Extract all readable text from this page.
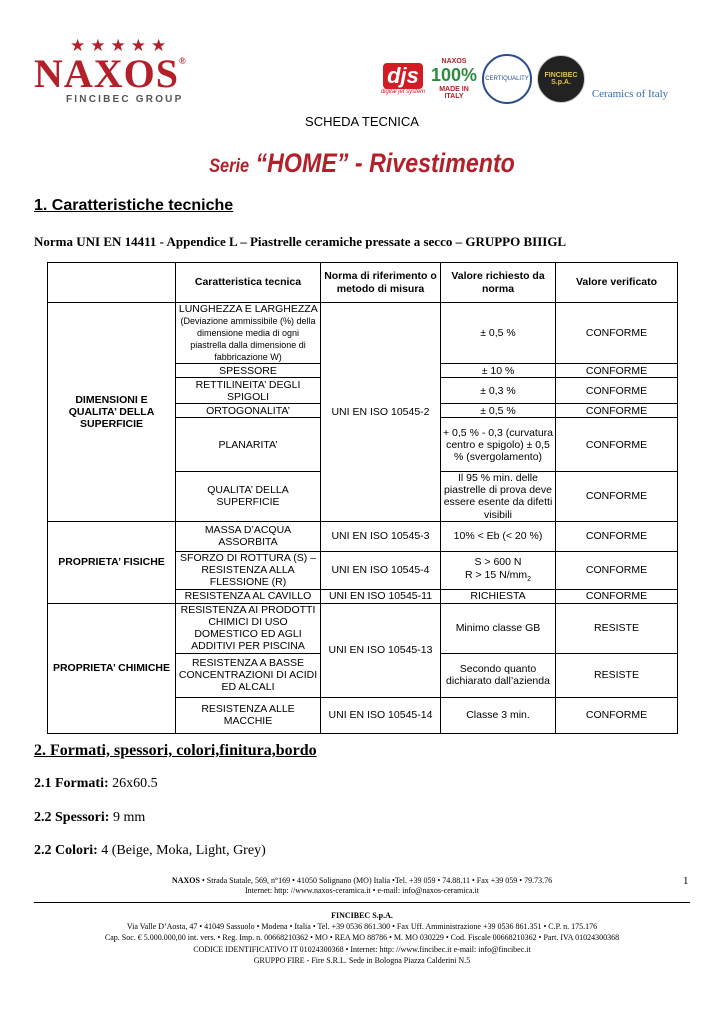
★★★★★
NAXOS®
FINCIBEC GROUP
djs
digital jet system
NAXOS
100%
MADE IN ITALY
CERTIQUALITY	FINCIBEC S.p.A.
Ceramics of Italy
SCHEDA TECNICA
Serie “HOME” - Rivestimento
1. Caratteristiche tecniche
Norma UNI EN 14411 - Appendice L – Piastrelle ceramiche pressate a secco – GRUPPO BIIIGL
	Caratteristica tecnica	Norma di riferimento o metodo di misura	Valore richiesto da norma	Valore verificato
DIMENSIONI E QUALITA’ DELLA SUPERFICIE	LUNGHEZZA E LARGHEZZA (Deviazione ammissibile (%) della dimensione media di ogni piastrella dalla dimensione di fabbricazione W)	UNI EN ISO 10545-2	± 0,5 %	CONFORME
	SPESSORE		± 10 %	CONFORME
	RETTILINEITA’ DEGLI SPIGOLI		± 0,3 %	CONFORME
	ORTOGONALITA’		± 0,5 %	CONFORME
	PLANARITA’		+ 0,5 % - 0,3 (curvatura centro e spigolo) ± 0,5 % (svergolamento)	CONFORME
	QUALITA’ DELLA SUPERFICIE		Il 95 % min. delle piastrelle di prova deve essere esente da difetti visibili	CONFORME
PROPRIETA’ FISICHE	MASSA D’ACQUA ASSORBITA	UNI EN ISO 10545-3	10% < Eb (< 20 %)	CONFORME
	SFORZO DI ROTTURA (S) – RESISTENZA ALLA FLESSIONE (R)	UNI EN ISO 10545-4	S > 600 N
R > 15 $N/mm_2$	CONFORME
	RESISTENZA AL CAVILLO	UNI EN ISO 10545-11	RICHIESTA	CONFORME
PROPRIETA’ CHIMICHE	RESISTENZA AI PRODOTTI CHIMICI DI USO DOMESTICO ED AGLI ADDITIVI PER PISCINA	UNI EN ISO 10545-13	Minimo classe GB	RESISTE
	RESISTENZA A BASSE CONCENTRAZIONI DI ACIDI ED ALCALI		Secondo quanto dichiarato dall’azienda	RESISTE
	RESISTENZA ALLE MACCHIE	UNI EN ISO 10545-14	Classe 3 min.	CONFORME
2. Formati, spessori, colori,finitura,bordo
2.1 Formati: 26x60.5
2.2 Spessori: 9 mm
2.2 Colori: 4 (Beige, Moka, Light, Grey)
NAXOS • Strada Statale, 569, n°169 • 41050 Solignano (MO) Italia •Tel. +39 059 • 74.88.11 • Fax +39 059 • 79.73.76
Internet: http: //www.naxos-ceramica.it • e-mail: info@naxos-ceramica.it
1
FINCIBEC S.p.A.
Via Valle D’Aosta, 47 • 41049 Sassuolo • Modena • Italia • Tel. +39 0536 861.300 • Fax Uff. Amministrazione +39 0536 861.351 • C.P. n. 175.176
Cap. Soc. € 5.000.000,00 int. vers. • Reg. Imp. n. 00668210362 • MO • REA MO 88786 • M. MO 030229 • Cod. Fiscale 00668210362 • Part. IVA 01024300368
CODICE IDENTIFICATIVO IT 01024300368 • Internet: http: //www.fincibec.it e-mail: info@fincibec.it
GRUPPO FIRE - Fire S.R.L. Sede in Bologna Piazza Calderini N.5
